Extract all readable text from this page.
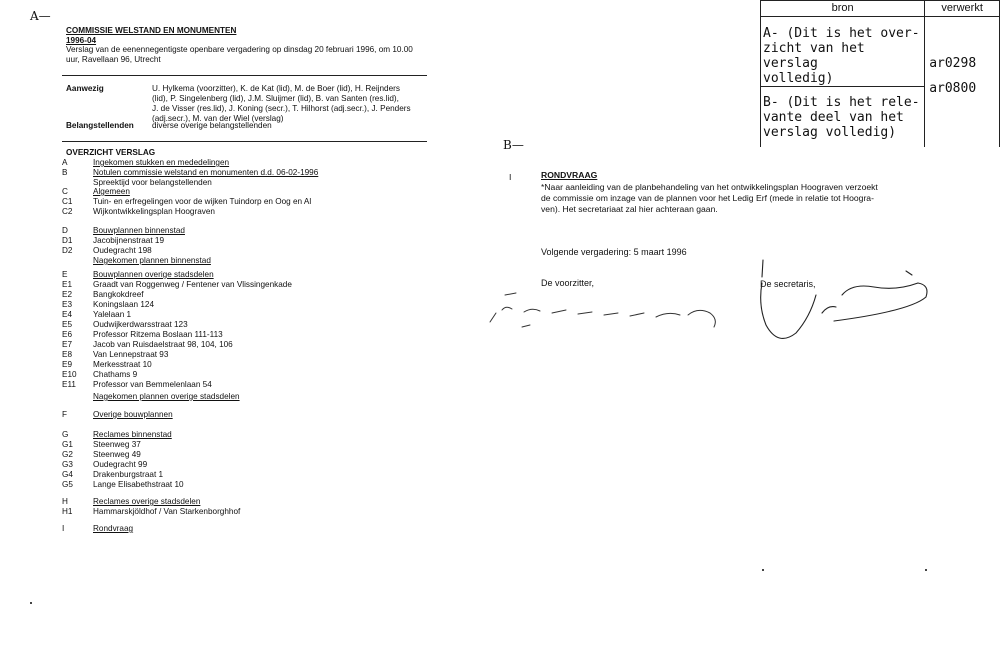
A—
COMMISSIE WELSTAND EN MONUMENTEN
1996-04
Verslag van de eenennegentigste openbare vergadering op dinsdag 20 februari 1996, om 10.00
uur, Ravellaan 96, Utrecht
Aanwezig	U. Hylkema (voorzitter), K. de Kat (lid), M. de Boer (lid), H. Reijnders
(lid), P. Singelenberg (lid), J.M. Sluijmer (lid), B. van Santen (res.lid),
J. de Visser (res.lid), J. Koning (secr.), T. Hilhorst (adj.secr.), J. Penders
(adj.secr.), M. van der Wiel (verslag)
Belangstellenden diverse overige belangstellenden
OVERZICHT VERSLAG
A	Ingekomen stukken en mededelingen
B	Notulen commissie welstand en monumenten d.d. 06-02-1996
Spreektijd voor belangstellenden
C	Algemeen
C1	Tuin- en erfregelingen voor de wijken Tuindorp en Oog en Al
C2	Wijkontwikkelingsplan Hoograven
D	Bouwplannen binnenstad
D1	Jacobijnenstraat 19
D2	Oudegracht 198
Nagekomen plannen binnenstad
E	Bouwplannen overige stadsdelen
E1	Graadt van Roggenweg / Fentener van Vlissingenkade
E2	Bangkokdreef
E3	Koningslaan 124
E4	Yalelaan 1
E5	Oudwijkerdwarsstraat 123
E6	Professor Ritzema Boslaan 111-113
E7	Jacob van Ruisdaelstraat 98, 104, 106
E8	Van Lennepstraat 93
E9	Merkesstraat 10
E10 Chathams 9
E11 Professor van Bemmelenlaan 54
Nagekomen plannen overige stadsdelen
F	Overige bouwplannen
G	Reclames binnenstad
G1 Steenweg 37
G2 Steenweg 49
G3 Oudegracht 99
G4 Drakenburgstraat 1
G5 Lange Elisabethstraat 10
H	Reclames overige stadsdelen
H1	Hammarskjöldhof / Van Starkenborghhof
I	Rondvraag
bron	verwerkt

A- (Dit is het over-
zicht van het verslag
volledig)	ar0298

B- (Dit is het rele-
vante deel van het
verslag volledig)	ar0800
B—
I	RONDVRAAG
*Naar aanleiding van de planbehandeling van het ontwikkelingsplan Hoograven verzoekt
de commissie om inzage van de plannen voor het Ledig Erf (mede in relatie tot Hoogra-
ven). Het secretariaat zal hier achteraan gaan.
Volgende vergadering: 5 maart 1996
De voorzitter,	De secretaris,
